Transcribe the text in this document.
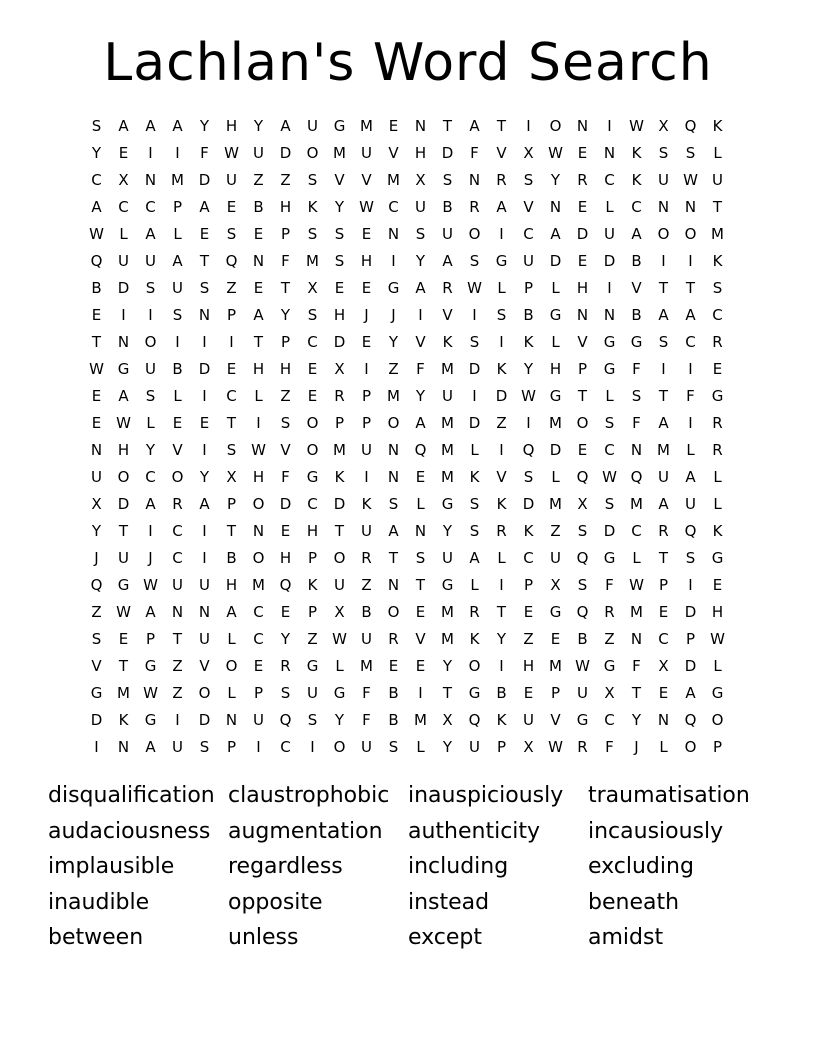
Lachlan's Word Search
S	A	A	A	Y	H	Y	A	U	G M	E	N	T	A	T	I	O	N	I	W X	Q	K
Y	E	I	I	F	W U	D	O M	U	V	H	D	F	V	X W E	N	K	S	S	L
C	X	N M D	U	Z	Z	S	V	V	M	X	S	N	R	S	Y	R	C	K	U W U
A	C	C	P	A	E	B	H	K	Y	W C	U	B	R	A	V	N	E	L	C	N	N	T
W	L	A	L	E	S	E	P	S	S	E	N	S	U	O	I	C	A	D	U	A	O	O M
Q	U	U	A	T	Q	N	F	M	S	H	I	Y	A	S	G	U	D	E	D	B	I	I	K
B	D	S	U	S	Z	E	T	X	E	E	G	A	R W	L	P	L	H	I	V	T	T	S
E	I	I	S	N	P	A	Y	S	H	J	J	I	V	I	S	B	G	N	N	B	A	A	C
T	N	O	I	I	I	T	P	C	D	E	Y	V	K	S	I	K	L	V	G	G	S	C	R
W G	U	B	D	E	H	H	E	X	I	Z	F	M D	K	Y	H	P	G	F	I	I	E
E	A	S	L	I	C	L	Z	E	R	P	M	Y	U	I	D W G	T	L	S	T	F	G
E W	L	E	E	T	I	S	O	P	P	O	A	M D	Z	I	M O	S	F	A	I	R
N	H	Y	V	I	S W V	O M	U	N	Q M	L	I	Q	D	E	C	N M	L	R
U	O	C	O	Y	X	H	F	G	K	I	N	E	M	K	V	S	L	Q W Q	U	A	L
X	D	A	R	A	P	O	D	C	D	K	S	L	G	S	K	D M	X	S	M	A	U	L
Y	T	I	C	I	T	N	E	H	T	U	A	N	Y	S	R	K	Z	S	D	C	R	Q	K
J	U	J	C	I	B	O	H	P	O	R	T	S	U	A	L	C	U	Q	G	L	T	S	G
Q	G W U	U	H M Q	K	U	Z	N	T	G	L	I	P	X	S	F	W	P	I	E
Z W A	N	N	A	C	E	P	X	B	O	E	M	R	T	E	G	Q	R	M	E	D	H
S	E	P	T	U	L	C	Y	Z W U	R	V	M	K	Y	Z	E	B	Z	N	C	P	W
V	T	G	Z	V	O	E	R	G	L	M	E	E	Y	O	I	H M W G	F	X	D	L
G M W Z	O	L	P	S	U	G	F	B	I	T	G	B	E	P	U	X	T	E	A	G
D	K	G	I	D	N	U	Q	S	Y	F	B	M	X	Q	K	U	V	G	C	Y	N	Q	O
I	N	A	U	S	P	I	C	I	O	U	S	L	Y	U	P	X W R	F	J	L	O	P
disqualification claustrophobic inauspiciously	traumatisation
audaciousness augmentation	authenticity	incausiously
implausible	regardless	including	excluding
inaudible	opposite	instead	beneath
between	unless	except	amidst
